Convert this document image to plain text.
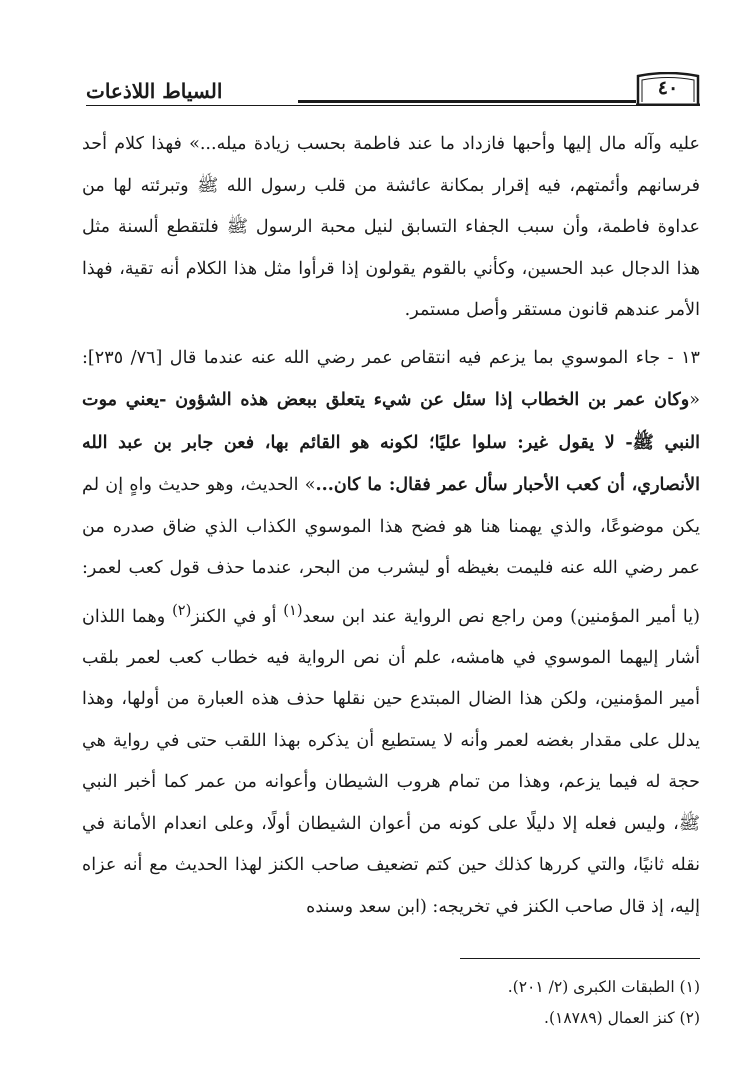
٤٠
السياط اللاذعات

عليه وآله مال إليها وأحبها فازداد ما عند فاطمة بحسب زيادة ميله...» فهذا كلام أحد فرسانهم وأئمتهم، فيه إقرار بمكانة عائشة من قلب رسول الله ﷺ وتبرئته لها من عداوة فاطمة، وأن سبب الجفاء التسابق لنيل محبة الرسول ﷺ فلتقطع ألسنة مثل هذا الدجال عبد الحسين، وكأني بالقوم يقولون إذا قرأوا مثل هذا الكلام أنه تقية، فهذا الأمر عندهم قانون مستقر وأصل مستمر.

١٣ - جاء الموسوي بما يزعم فيه انتقاص عمر رضي الله عنه عندما قال [٧٦/ ٢٣٥]: «وكان عمر بن الخطاب إذا سئل عن شيء يتعلق ببعض هذه الشؤون -يعني موت النبي ﷺ- لا يقول غير: سلوا عليًا؛ لكونه هو القائم بها، فعن جابر بن عبد الله الأنصاري، أن كعب الأحبار سأل عمر فقال: ما كان...» الحديث، وهو حديث واهٍ إن لم يكن موضوعًا، والذي يهمنا هنا هو فضح هذا الموسوي الكذاب الذي ضاق صدره من عمر رضي الله عنه فليمت بغيظه أو ليشرب من البحر، عندما حذف قول كعب لعمر: (يا أمير المؤمنين) ومن راجع نص الرواية عند ابن سعد$^{(١)}$ أو في الكنز$^{(٢)}$ وهما اللذان أشار إليهما الموسوي في هامشه، علم أن نص الرواية فيه خطاب كعب لعمر بلقب أمير المؤمنين، ولكن هذا الضال المبتدع حين نقلها حذف هذه العبارة من أولها، وهذا يدلل على مقدار بغضه لعمر وأنه لا يستطيع أن يذكره بهذا اللقب حتى في رواية هي حجة له فيما يزعم، وهذا من تمام هروب الشيطان وأعوانه من عمر كما أخبر النبي ﷺ، وليس فعله إلا دليلًا على كونه من أعوان الشيطان أولًا، وعلى انعدام الأمانة في نقله ثانيًا، والتي كررها كذلك حين كتم تضعيف صاحب الكنز لهذا الحديث مع أنه عزاه إليه، إذ قال صاحب الكنز في تخريجه: (ابن سعد وسنده

(١) الطبقات الكبرى (٢/ ٢٠١).

(٢) كنز العمال (١٨٧٨٩).
